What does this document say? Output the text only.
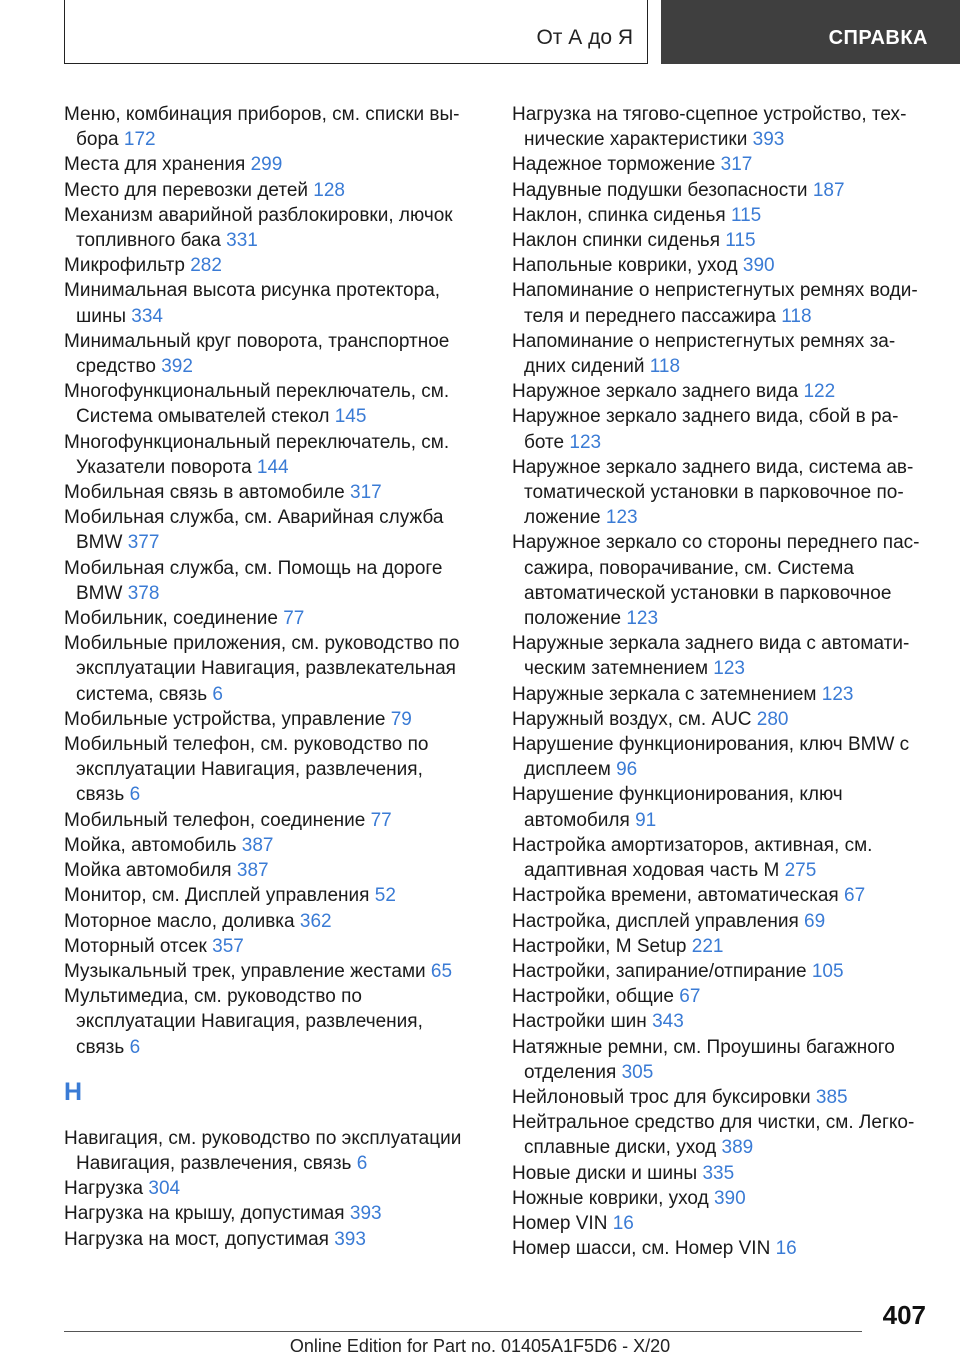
От А до Я	СПРАВКА

Меню, комбинация приборов, см. списки выбора 172

Места для хранения 299

Место для перевозки детей 128

Механизм аварийной разблокировки, лючок топливного бака 331

Микрофильтр 282

Минимальная высота рисунка протектора, шины 334

Минимальный круг поворота, транспортное средство 392

Многофункциональный переключатель, см. Система омывателей стекол 145

Многофункциональный переключатель, см. Указатели поворота 144

Мобильная связь в автомобиле 317

Мобильная служба, см. Аварийная служба BMW 377

Мобильная служба, см. Помощь на дороге BMW 378

Мобильник, соединение 77

Мобильные приложения, см. руководство по эксплуатации Навигация, развлекательная система, связь 6

Мобильные устройства, управление 79

Мобильный телефон, см. руководство по эксплуатации Навигация, развлечения, связь 6

Мобильный телефон, соединение 77

Мойка, автомобиль 387

Мойка автомобиля 387

Монитор, см. Дисплей управления 52

Моторное масло, доливка 362

Моторный отсек 357

Музыкальный трек, управление жестами 65

Мультимедиа, см. руководство по эксплуатации Навигация, развлечения, связь 6

Н

Навигация, см. руководство по эксплуатации Навигация, развлечения, связь 6

Нагрузка 304

Нагрузка на крышу, допустимая 393

Нагрузка на мост, допустимая 393

Нагрузка на тягово-сцепное устройство, технические характеристики 393

Надежное торможение 317

Надувные подушки безопасности 187

Наклон, спинка сиденья 115

Наклон спинки сиденья 115

Напольные коврики, уход 390

Напоминание о непристегнутых ремнях водителя и переднего пассажира 118

Напоминание о непристегнутых ремнях задних сидений 118

Наружное зеркало заднего вида 122

Наружное зеркало заднего вида, сбой в работе 123

Наружное зеркало заднего вида, система автоматической установки в парковочное положение 123

Наружное зеркало со стороны переднего пассажира, поворачивание, см. Система автоматической установки в парковочное положение 123

Наружные зеркала заднего вида с автоматическим затемнением 123

Наружные зеркала с затемнением 123

Наружный воздух, см. AUC 280

Нарушение функционирования, ключ BMW с дисплеем 96

Нарушение функционирования, ключ автомобиля 91

Настройка амортизаторов, активная, см. адаптивная ходовая часть M 275

Настройка времени, автоматическая 67

Настройка, дисплей управления 69

Настройки, M Setup 221

Настройки, запирание/отпирание 105

Настройки, общие 67

Настройки шин 343

Натяжные ремни, см. Проушины багажного отделения 305

Нейлоновый трос для буксировки 385

Нейтральное средство для чистки, см. Легкосплавные диски, уход 389

Новые диски и шины 335

Ножные коврики, уход 390

Номер VIN 16

Номер шасси, см. Номер VIN 16

407
Online Edition for Part no. 01405A1F5D6 - X/20
